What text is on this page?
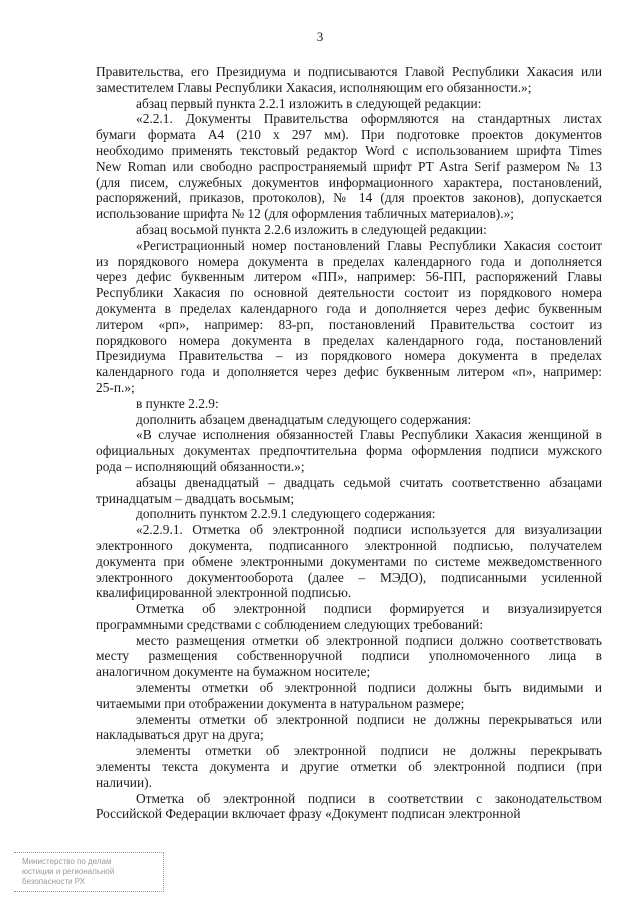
3
Правительства, его Президиума и подписываются Главой Республики Хакасия или
заместителем Главы Республики Хакасия, исполняющим его обязанности.»;
абзац первый пункта 2.2.1 изложить в следующей редакции:
«2.2.1. Документы Правительства оформляются на стандартных листах
бумаги формата А4 (210 х 297 мм). При подготовке проектов документов
необходимо применять текстовый редактор Word с использованием шрифта Times
New Roman или свободно распространяемый шрифт PT Astra Serif размером № 13
(для писем, служебных документов информационного характера, постановлений,
распоряжений, приказов, протоколов), № 14 (для проектов законов), допускается
использование шрифта № 12 (для оформления табличных материалов).»;
абзац восьмой пункта 2.2.6 изложить в следующей редакции:
«Регистрационный номер постановлений Главы Республики Хакасия состоит
из порядкового номера документа в пределах календарного года и дополняется
через дефис буквенным литером «ПП», например: 56-ПП, распоряжений Главы
Республики Хакасия по основной деятельности состоит из порядкового номера
документа в пределах календарного года и дополняется через дефис буквенным
литером «рп», например: 83-рп, постановлений Правительства состоит из
порядкового номера документа в пределах календарного года, постановлений
Президиума Правительства – из порядкового номера документа в пределах
календарного года и дополняется через дефис буквенным литером «п», например:
25-п.»;
в пункте 2.2.9:
дополнить абзацем двенадцатым следующего содержания:
«В случае исполнения обязанностей Главы Республики Хакасия женщиной в
официальных документах предпочтительна форма оформления подписи мужского
рода – исполняющий обязанности.»;
абзацы двенадцатый – двадцать седьмой считать соответственно абзацами
тринадцатым – двадцать восьмым;
дополнить пунктом 2.2.9.1 следующего содержания:
«2.2.9.1. Отметка об электронной подписи используется для визуализации
электронного документа, подписанного электронной подписью, получателем
документа при обмене электронными документами по системе межведомственного
электронного документооборота (далее – МЭДО), подписанными усиленной
квалифицированной электронной подписью.
Отметка об электронной подписи формируется и визуализируется
программными средствами с соблюдением следующих требований:
место размещения отметки об электронной подписи должно соответствовать
месту размещения собственноручной подписи уполномоченного лица в
аналогичном документе на бумажном носителе;
элементы отметки об электронной подписи должны быть видимыми и
читаемыми при отображении документа в натуральном размере;
элементы отметки об электронной подписи не должны перекрываться или
накладываться друг на друга;
элементы отметки об электронной подписи не должны перекрывать
элементы текста документа и другие отметки об электронной подписи (при
наличии).
Отметка об электронной подписи в соответствии с законодательством
Российской Федерации включает фразу «Документ подписан электронной
Министерство по делам
юстиции и региональной
безопасности РХ
